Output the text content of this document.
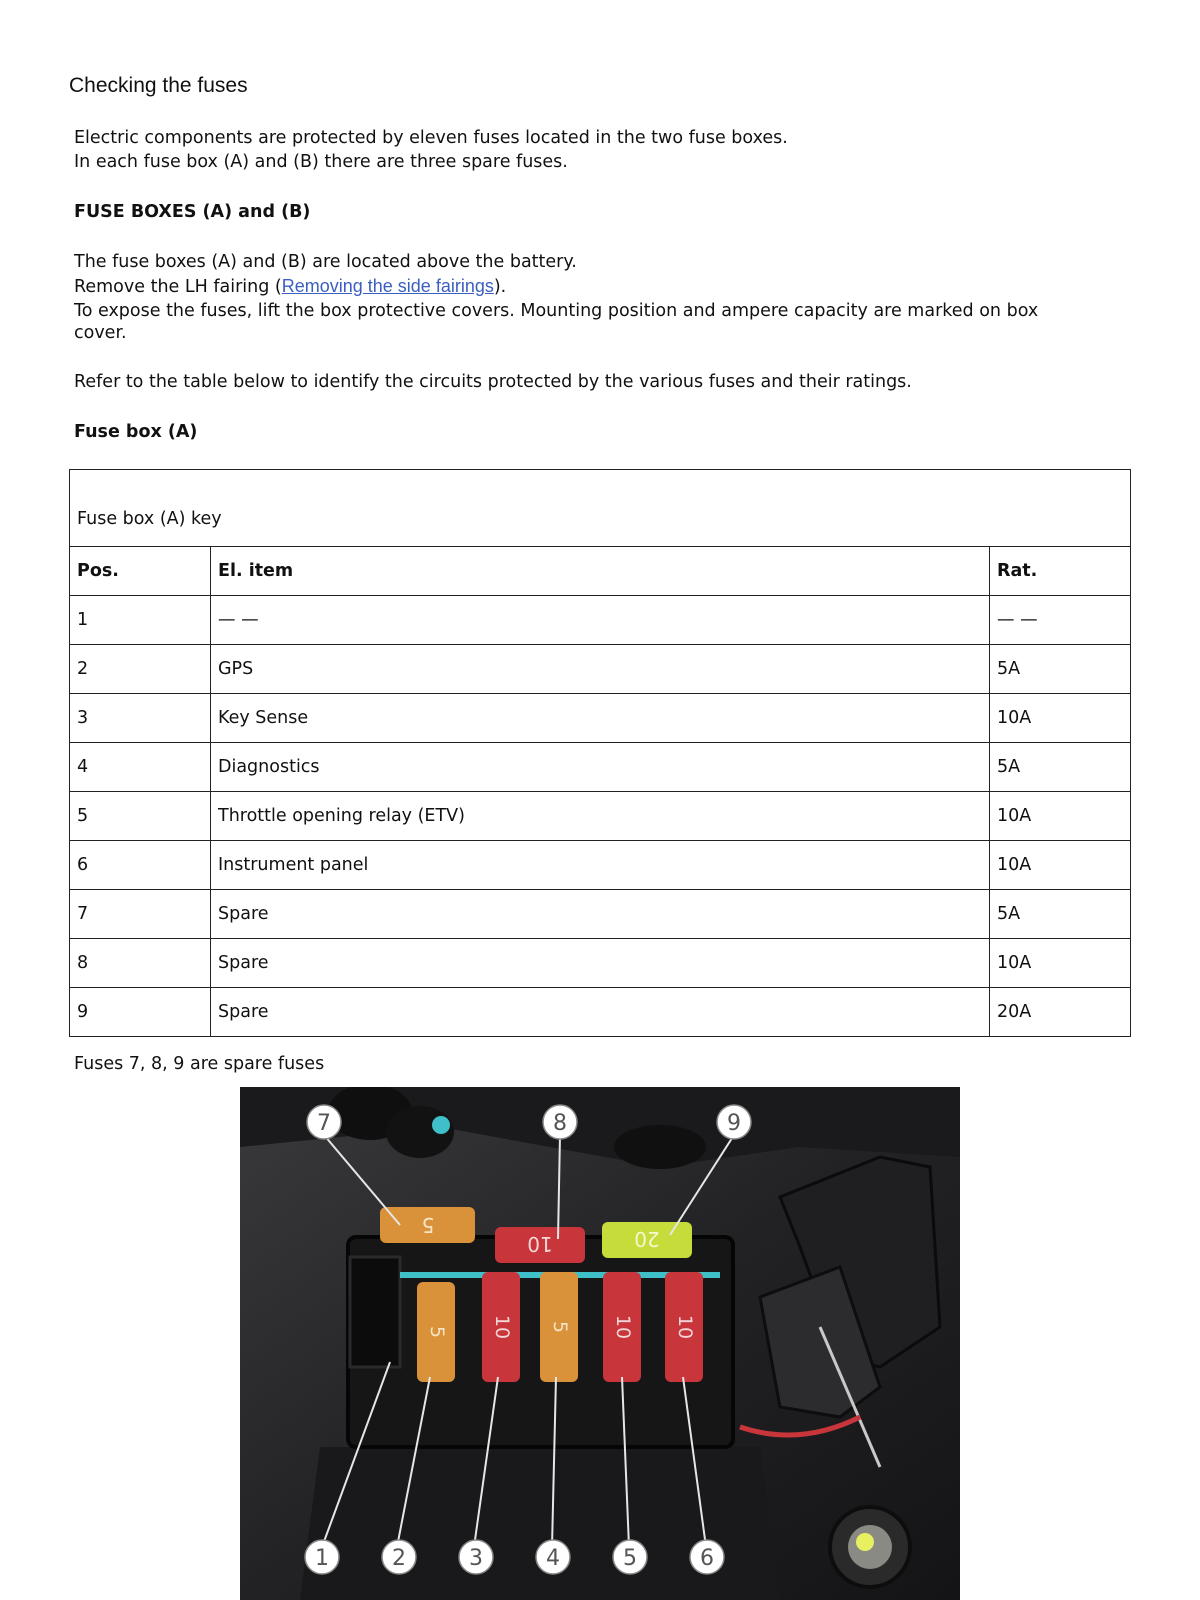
Checking the fuses
Electric components are protected by eleven fuses located in the two fuse boxes.
In each fuse box (A) and (B) there are three spare fuses.
FUSE BOXES (A) and (B)
The fuse boxes (A) and (B) are located above the battery.
Remove the LH fairing (Removing the side fairings).
To expose the fuses, lift the box protective covers. Mounting position and ampere capacity are marked on box
cover.
Refer to the table below to identify the circuits protected by the various fuses and their ratings.
Fuse box (A)
Fuse box (A) key		
Pos.	El. item	Rat.
1	— —	— —
2	GPS	5A
3	Key Sense	10A
4	Diagnostics	5A
5	Throttle opening relay (ETV)	10A
6	Instrument panel	10A
7	Spare	5A
8	Spare	10A
9	Spare	20A
Fuses 7, 8, 9 are spare fuses
5
10	20
5 10 5 10 10
7	8	9
1	2	3	4	5	6
